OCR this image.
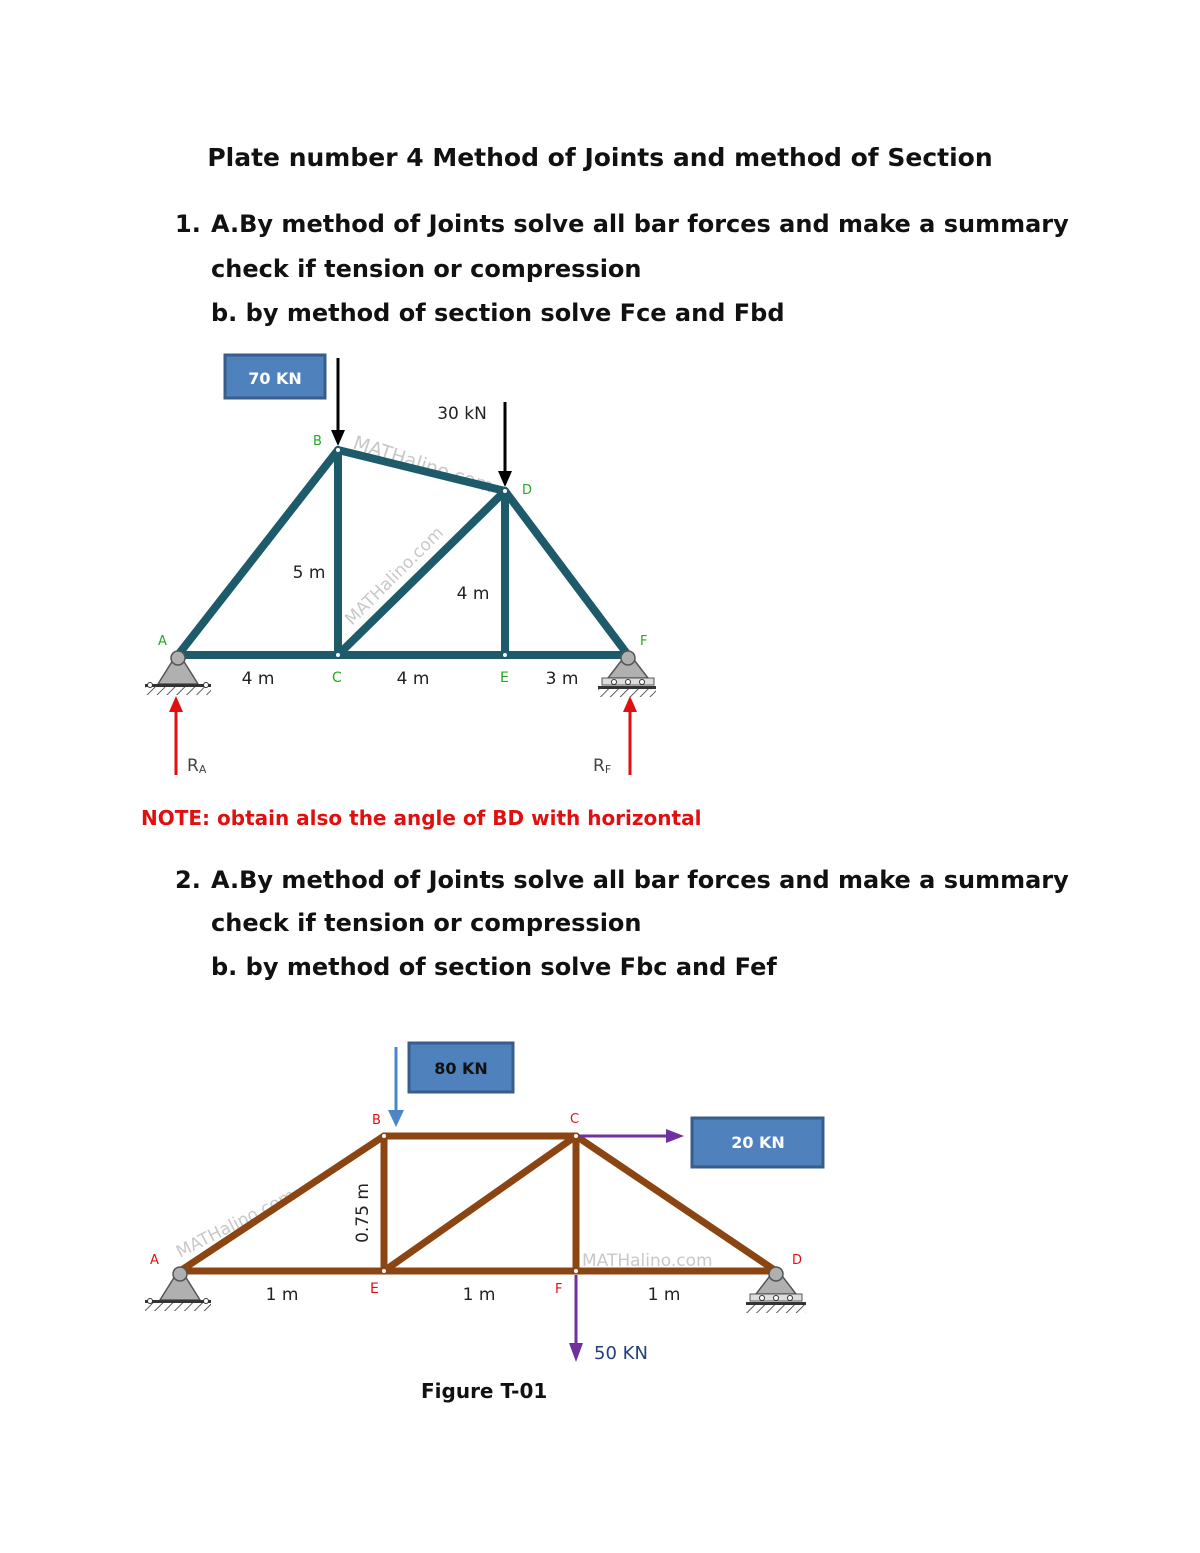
Plate number 4 Method of Joints and method of Section
1. A.By method of Joints solve all bar forces and make a summary
check if tension or compression
b. by method of section solve Fce and Fbd
NOTE: obtain also the angle of BD with horizontal
2. A.By method of Joints solve all bar forces and make a summary
check if tension or compression
b. by method of section solve Fbc and Fef
Figure T-01
MATHalino.com
MATHalino.com
70 KN
30 kN
RA	RF
A
B
C
D
E
F
4 m	4 m	3 m
5 m
4 m
MATHalino.com	MATHalino.com
80 KN
20 KN
50 KN
A
B	C
D
E	F
1 m	1 m	1 m
0.75 m
